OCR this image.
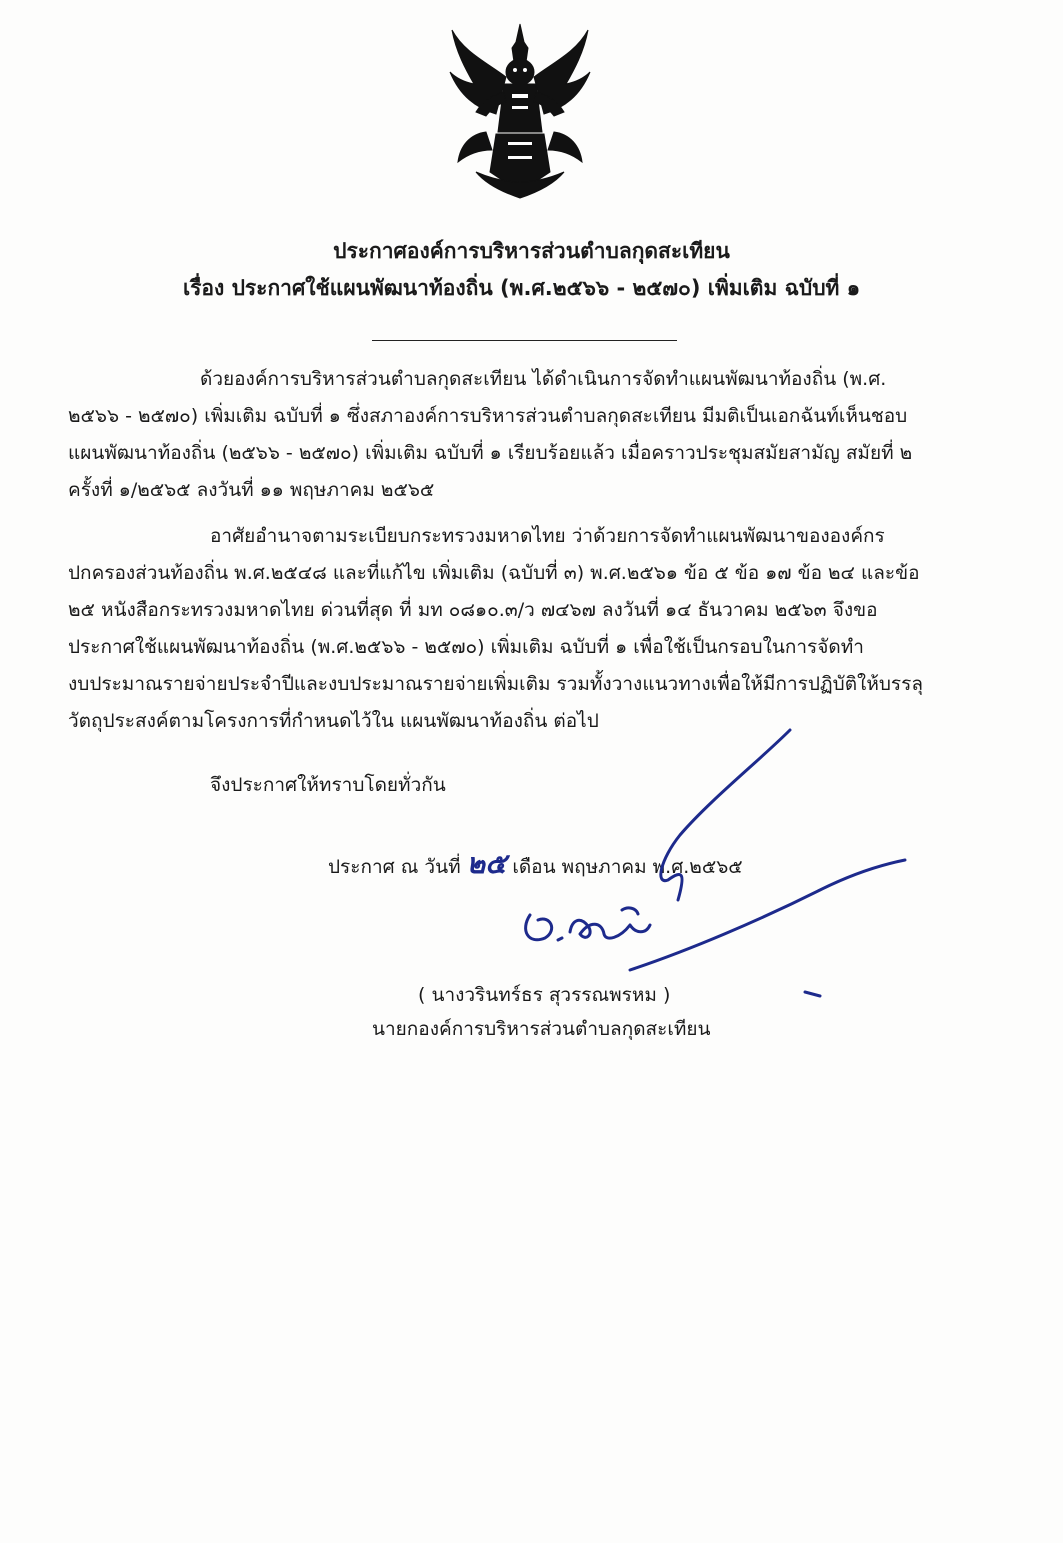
ประกาศองค์การบริหารส่วนตำบลกุดสะเทียน
เรื่อง ประกาศใช้แผนพัฒนาท้องถิ่น (พ.ศ.๒๕๖๖ - ๒๕๗๐) เพิ่มเติม ฉบับที่ ๑
ด้วยองค์การบริหารส่วนตำบลกุดสะเทียน ได้ดำเนินการจัดทำแผนพัฒนาท้องถิ่น (พ.ศ.
๒๕๖๖ - ๒๕๗๐) เพิ่มเติม ฉบับที่ ๑ ซึ่งสภาองค์การบริหารส่วนตำบลกุดสะเทียน มีมติเป็นเอกฉันท์เห็นชอบ
แผนพัฒนาท้องถิ่น (๒๕๖๖ - ๒๕๗๐) เพิ่มเติม ฉบับที่ ๑ เรียบร้อยแล้ว เมื่อคราวประชุมสมัยสามัญ สมัยที่ ๒
ครั้งที่ ๑/๒๕๖๕ ลงวันที่ ๑๑ พฤษภาคม ๒๕๖๕
อาศัยอำนาจตามระเบียบกระทรวงมหาดไทย ว่าด้วยการจัดทำแผนพัฒนาขององค์กร
ปกครองส่วนท้องถิ่น พ.ศ.๒๕๔๘ และที่แก้ไข เพิ่มเติม (ฉบับที่ ๓) พ.ศ.๒๕๖๑ ข้อ ๕ ข้อ ๑๗ ข้อ ๒๔ และข้อ
๒๕ หนังสือกระทรวงมหาดไทย ด่วนที่สุด ที่ มท ๐๘๑๐.๓/ว ๗๔๖๗ ลงวันที่ ๑๔ ธันวาคม ๒๕๖๓ จึงขอ
ประกาศใช้แผนพัฒนาท้องถิ่น (พ.ศ.๒๕๖๖ - ๒๕๗๐) เพิ่มเติม ฉบับที่ ๑ เพื่อใช้เป็นกรอบในการจัดทำ
งบประมาณรายจ่ายประจำปีและงบประมาณรายจ่ายเพิ่มเติม รวมทั้งวางแนวทางเพื่อให้มีการปฏิบัติให้บรรลุ
วัตถุประสงค์ตามโครงการที่กำหนดไว้ใน แผนพัฒนาท้องถิ่น ต่อไป
จึงประกาศให้ทราบโดยทั่วกัน
ประกาศ ณ วันที่ ๒๕ เดือน พฤษภาคม พ.ศ.๒๕๖๕
( นางวรินทร์ธร สุวรรณพรหม )
นายกองค์การบริหารส่วนตำบลกุดสะเทียน
